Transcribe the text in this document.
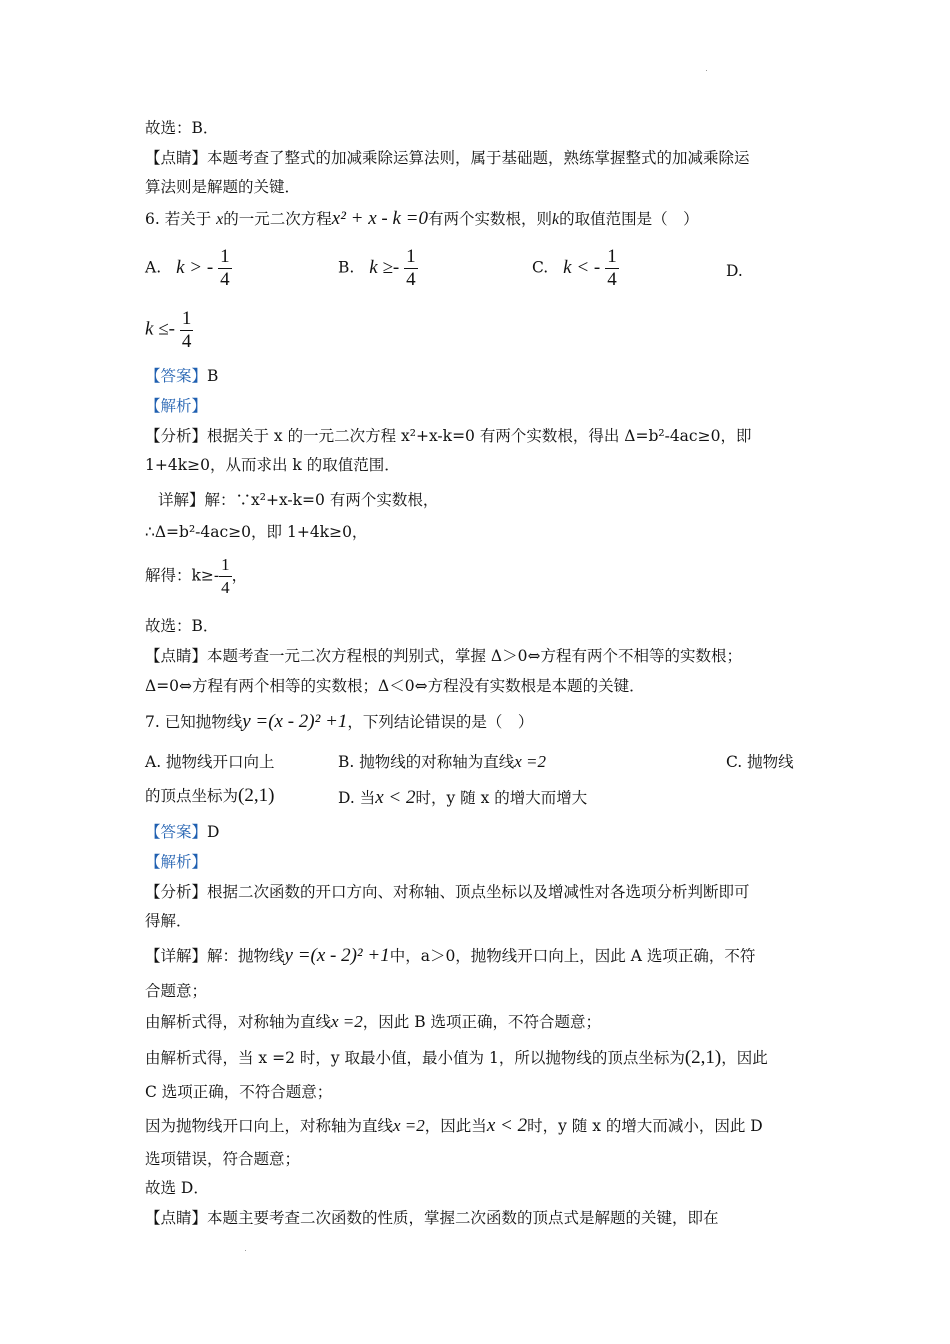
故选：B．
【点睛】本题考查了整式的加减乘除运算法则，属于基础题，熟练掌握整式的加减乘除运
算法则是解题的关键．
6. 若关于 x的一元二次方程x² + x - k =0有两个实数根，则k的取值范围是（　）
A. k > - $\frac{1}{4}$	B. $k \ge- \frac{1}{4}$	C. k < - $\frac{1}{4}$	D.
$k \le- \frac{1}{4}$
【答案】B
【解析】
【分析】根据关于 x 的一元二次方程 x²+x-k=0 有两个实数根，得出 Δ=b²-4ac≥0，即
1+4k≥0，从而求出 k 的取值范围．
详解】解：∵x²+x-k=0 有两个实数根，
∴Δ=b²-4ac≥0，即 1+4k≥0，
解得：$k\ge- \frac{1}{4}$ ，
故选：B．
【点睛】本题考查一元二次方程根的判别式，掌握 Δ＞0⇔方程有两个不相等的实数根；
Δ=0⇔方程有两个相等的实数根；Δ＜0⇔方程没有实数根是本题的关键．
7. 已知抛物线y =(x - 2)² +1，下列结论错误的是（　）
A. 抛物线开口向上	B. 抛物线的对称轴为直线x =2	C. 抛物线
的顶点坐标为(2,1)	D. 当x < 2时，y 随 x 的增大而增大
【答案】D
【解析】
【分析】根据二次函数的开口方向、对称轴、顶点坐标以及增减性对各选项分析判断即可
得解．
【详解】解：抛物线y =(x - 2)² +1中，a＞0，抛物线开口向上，因此 A 选项正确，不符
合题意；
由解析式得，对称轴为直线x =2，因此 B 选项正确，不符合题意；
由解析式得，当 x =2 时，y 取最小值，最小值为 1，所以抛物线的顶点坐标为(2,1)，因此
C 选项正确，不符合题意；
因为抛物线开口向上，对称轴为直线x =2，因此当x < 2时，y 随 x 的增大而减小，因此 D
选项错误，符合题意；
故选 D．
【点睛】本题主要考查二次函数的性质，掌握二次函数的顶点式是解题的关键，即在
